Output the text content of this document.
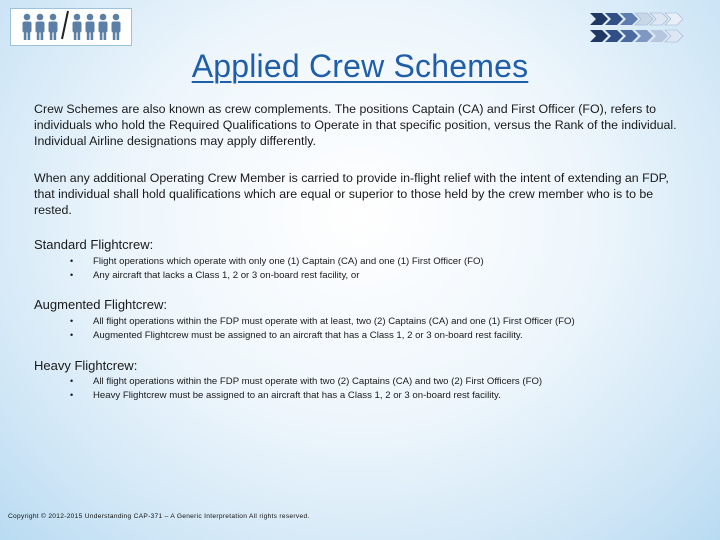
Applied Crew Schemes

Crew Schemes are also known as crew complements. The positions Captain (CA) and First Officer (FO), refers to individuals who hold the Required Qualifications to Operate in that specific position, versus the Rank of the individual. Individual Airline designations may apply differently.

When any additional Operating Crew Member is carried to provide in-flight relief with the intent of extending an FDP, that individual shall hold qualifications which are equal or superior to those held by the crew member who is to be rested.

Standard Flightcrew:

• Flight operations which operate with only one (1) Captain (CA) and one (1) First Officer (FO)
• Any aircraft that lacks a Class 1, 2 or 3 on-board rest facility, or

Augmented Flightcrew:

• All flight operations within the FDP must operate with at least, two (2) Captains (CA) and one (1) First Officer (FO)
• Augmented Flightcrew must be assigned to an aircraft that has a Class 1, 2 or 3 on-board rest facility.

Heavy Flightcrew:

• All flight operations within the FDP must operate with two (2) Captains (CA) and two (2) First Officers (FO)
• Heavy Flightcrew must be assigned to an aircraft that has a Class 1, 2 or 3 on-board rest facility.
Copyright © 2012-2015 Understanding CAP-371 – A Generic Interpretation All rights reserved.
